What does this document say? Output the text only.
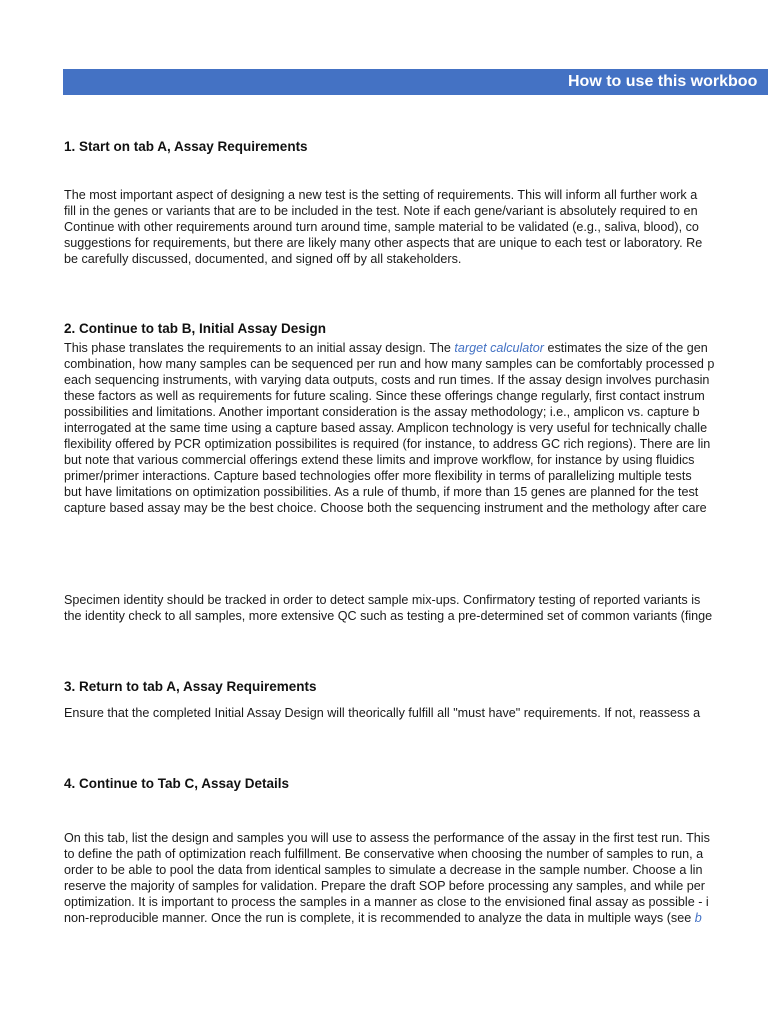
How to use this workboo
1. Start on tab A, Assay Requirements
The most important aspect of designing a new test is the setting of requirements. This will inform all further work a
fill in the genes or variants that are to be included in the test. Note if each gene/variant is absolutely required to en
Continue with other requirements around turn around time, sample material to be validated (e.g., saliva, blood), co
suggestions for requirements, but there are likely many other aspects that are unique to each test or laboratory. Re
be carefully discussed, documented, and signed off by all stakeholders.
2. Continue to tab B, Initial Assay Design
This phase translates the requirements to an initial assay design. The target calculator estimates the size of the gen
combination, how many samples can be sequenced per run and how many samples can be comfortably processed p
each sequencing instruments, with varying data outputs, costs and run times. If the assay design involves purchasin
these factors as well as requirements for future scaling. Since these offerings change regularly, first contact instrum
possibilities and limitations. Another important consideration is the assay methodology; i.e., amplicon vs. capture b
interrogated at the same time using a capture based assay. Amplicon technology is very useful for technically challe
flexibility offered by PCR optimization possibilites is required (for instance, to address GC rich regions). There are lin
but note that various commercial offerings extend these limits and improve workflow, for instance by using fluidics
primer/primer interactions. Capture based technologies offer more flexibility in terms of parallelizing multiple tests
but have limitations on optimization possibilities. As a rule of thumb, if more than 15 genes are planned for the test
capture based assay may be the best choice. Choose both the sequencing instrument and the methology after care
Specimen identity should be tracked in order to detect sample mix-ups. Confirmatory testing of reported variants is
the identity check to all samples, more extensive QC such as testing a pre-determined set of common variants (finge
3. Return to tab A, Assay Requirements
Ensure that the completed Initial Assay Design will theorically fulfill all "must have" requirements. If not, reassess a
4. Continue to Tab C, Assay Details
On this tab, list the design and samples you will use to assess the performance of the assay in the first test run. This
to define the path of optimization reach fulfillment. Be conservative when choosing the number of samples to run, a
order to be able to pool the data from identical samples to simulate a decrease in the sample number. Choose a lin
reserve the majority of samples for validation. Prepare the draft SOP before processing any samples, and while per
optimization. It is important to process the samples in a manner as close to the envisioned final assay as possible - i
non-reproducible manner. Once the run is complete, it is recommended to analyze the data in multiple ways (see b
